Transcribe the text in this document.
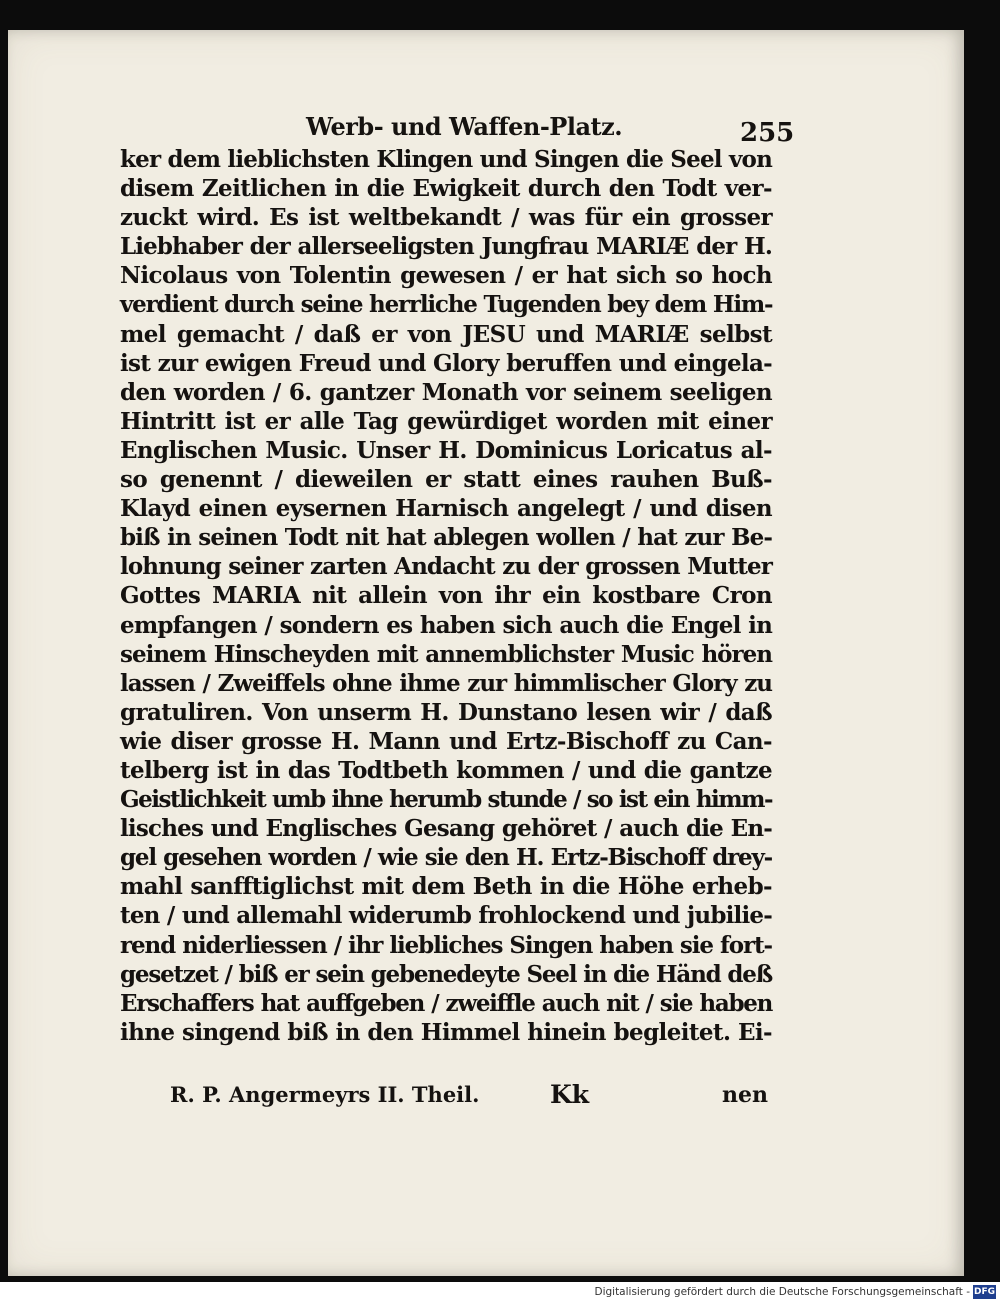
Werb- und Waffen-Platz.	255
ker dem lieblichsten Klingen und Singen die Seel von
disem Zeitlichen in die Ewigkeit durch den Todt ver-
zuckt wird. Es ist weltbekandt / was für ein grosser
Liebhaber der allerseeligsten Jungfrau MARIÆ der H.
Nicolaus von Tolentin gewesen / er hat sich so hoch
verdient durch seine herrliche Tugenden bey dem Him-
mel gemacht / daß er von JESU und MARIÆ selbst
ist zur ewigen Freud und Glory beruffen und eingela-
den worden / 6. gantzer Monath vor seinem seeligen
Hintritt ist er alle Tag gewürdiget worden mit einer
Englischen Music. Unser H. Dominicus Loricatus al-
so genennt / dieweilen er statt eines rauhen Buß-
Klayd einen eysernen Harnisch angelegt / und disen
biß in seinen Todt nit hat ablegen wollen / hat zur Be-
lohnung seiner zarten Andacht zu der grossen Mutter
Gottes MARIA nit allein von ihr ein kostbare Cron
empfangen / sondern es haben sich auch die Engel in
seinem Hinscheyden mit annemblichster Music hören
lassen / Zweiffels ohne ihme zur himmlischer Glory zu
gratuliren. Von unserm H. Dunstano lesen wir / daß
wie diser grosse H. Mann und Ertz-Bischoff zu Can-
telberg ist in das Todtbeth kommen / und die gantze
Geistlichkeit umb ihne herumb stunde / so ist ein himm-
lisches und Englisches Gesang gehöret / auch die En-
gel gesehen worden / wie sie den H. Ertz-Bischoff drey-
mahl sanfftiglichst mit dem Beth in die Höhe erheb-
ten / und allemahl widerumb frohlockend und jubilie-
rend niderliessen / ihr liebliches Singen haben sie fort-
gesetzet / biß er sein gebenedeyte Seel in die Händ deß
Erschaffers hat auffgeben / zweiffle auch nit / sie haben
ihne singend biß in den Himmel hinein begleitet. Ei-
R. P. Angermeyrs II. Theil.	Kk	nen
Digitalisierung gefördert durch die Deutsche Forschungsgemeinschaft - DFG
